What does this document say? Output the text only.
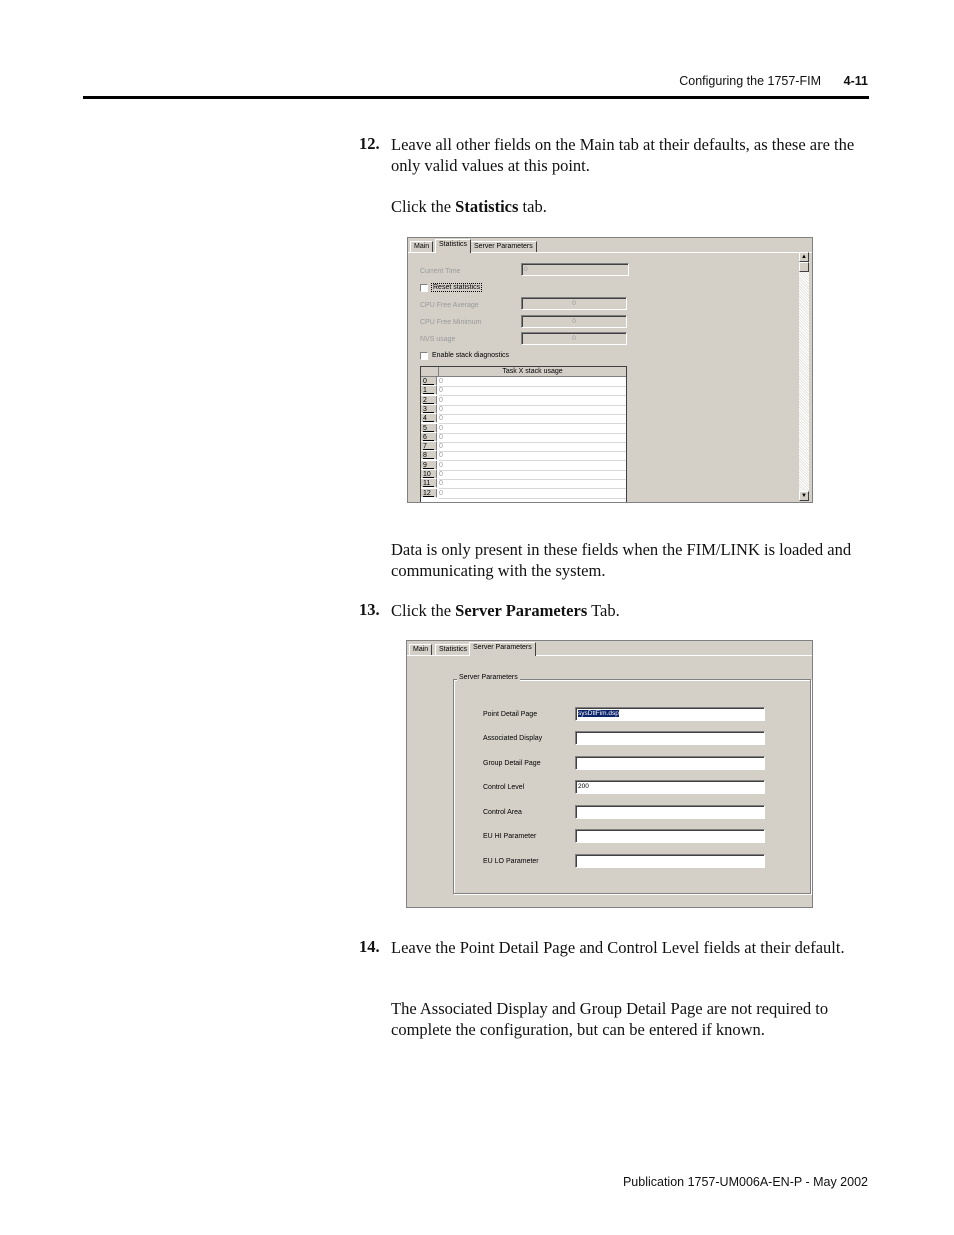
Configuring the 1757-FIM 4-11
12. Leave all other fields on the Main tab at their defaults, as these are the only valid values at this point.
Click the Statistics tab.
Main	Statistics Server Parameters
Current Time	0
Reset statistics
CPU Free Average	0
CPU Free Minimum	0
NVS usage	0
Enable stack diagnostics
Task X stack usage
0	0
1	0
2	0
3	0
4	0
5	0
6	0
7	0
8	0
9	0
10	0
11	0
12	0
▲
▼
Data is only present in these fields when the FIM/LINK is loaded and communicating with the system.
13. Click the Server Parameters Tab.
Main	Statistics Server Parameters
Server Parameters
Point Detail Page	sysDtlFim.dsp
Associated Display
Group Detail Page
Control Level	200
Control Area
EU HI Parameter
EU LO Parameter
14. Leave the Point Detail Page and Control Level fields at their default.
The Associated Display and Group Detail Page are not required to complete the configuration, but can be entered if known.
Publication 1757-UM006A-EN-P - May 2002
